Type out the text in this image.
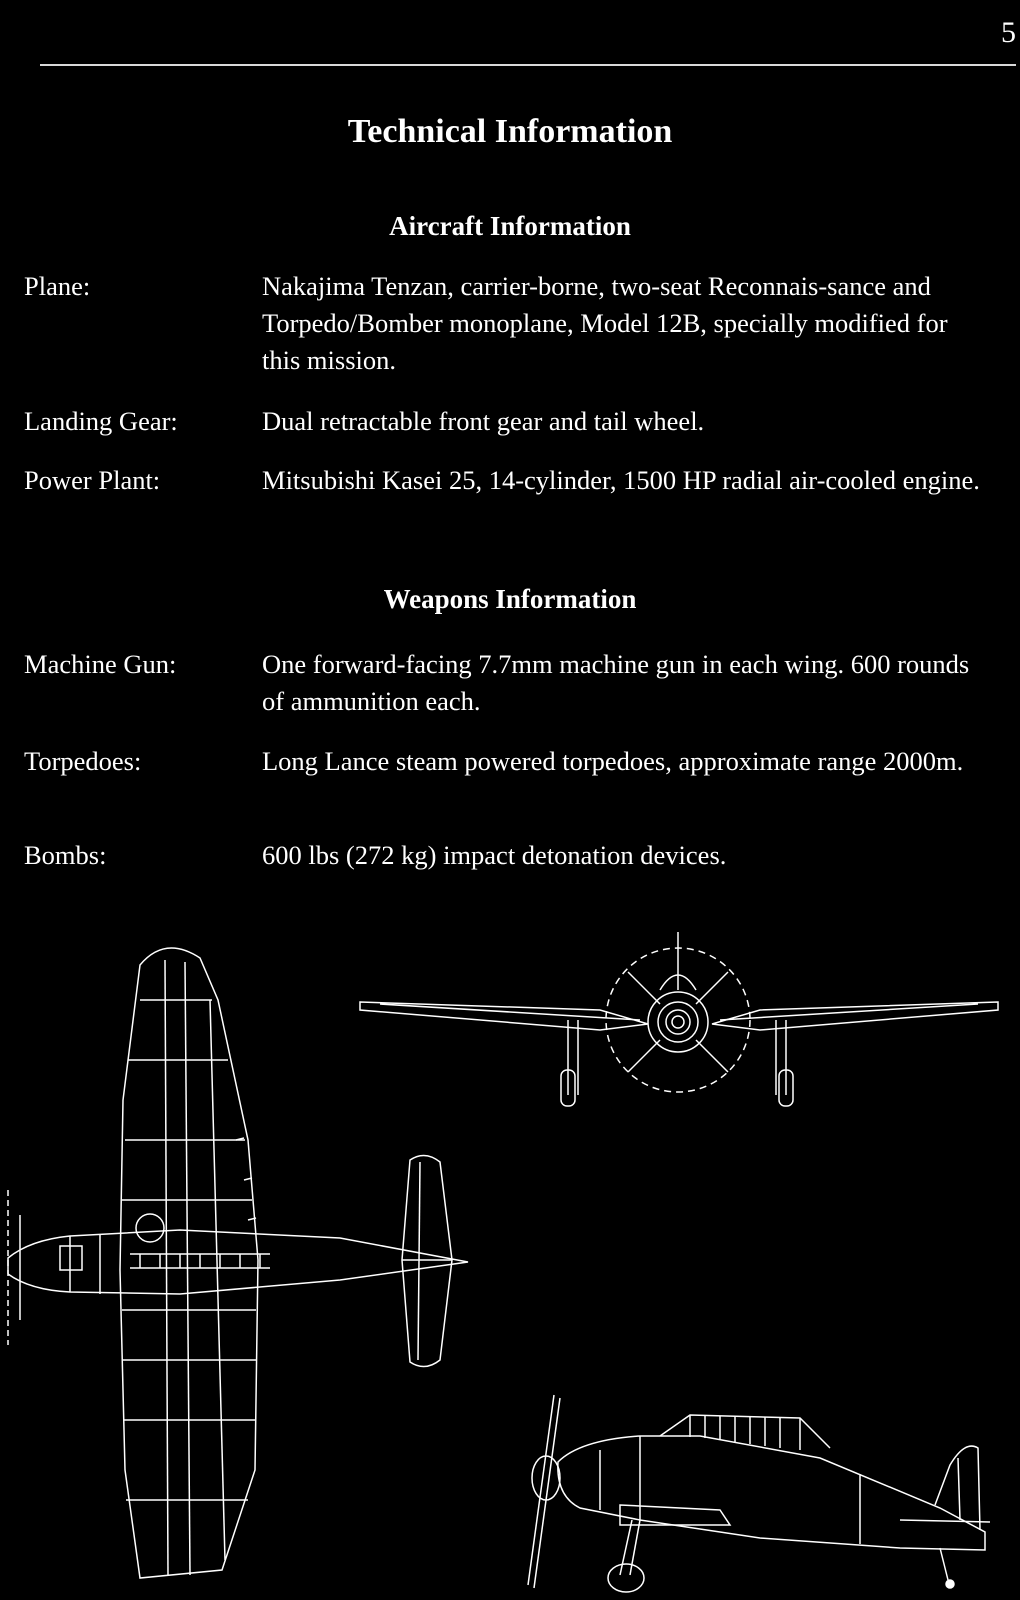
5
Technical Information
Aircraft Information
Plane:	Nakajima Tenzan, carrier-borne, two-seat Reconnais-sance and Torpedo/Bomber monoplane, Model 12B, specially modified for this mission.
Landing Gear:	Dual retractable front gear and tail wheel.
Power Plant:	Mitsubishi Kasei 25, 14-cylinder, 1500 HP radial air-cooled engine.
Weapons Information
Machine Gun:	One forward-facing 7.7mm machine gun in each wing. 600 rounds of ammunition each.
Torpedoes:	Long Lance steam powered torpedoes, approximate range 2000m.
Bombs:	600 lbs (272 kg) impact detonation devices.
